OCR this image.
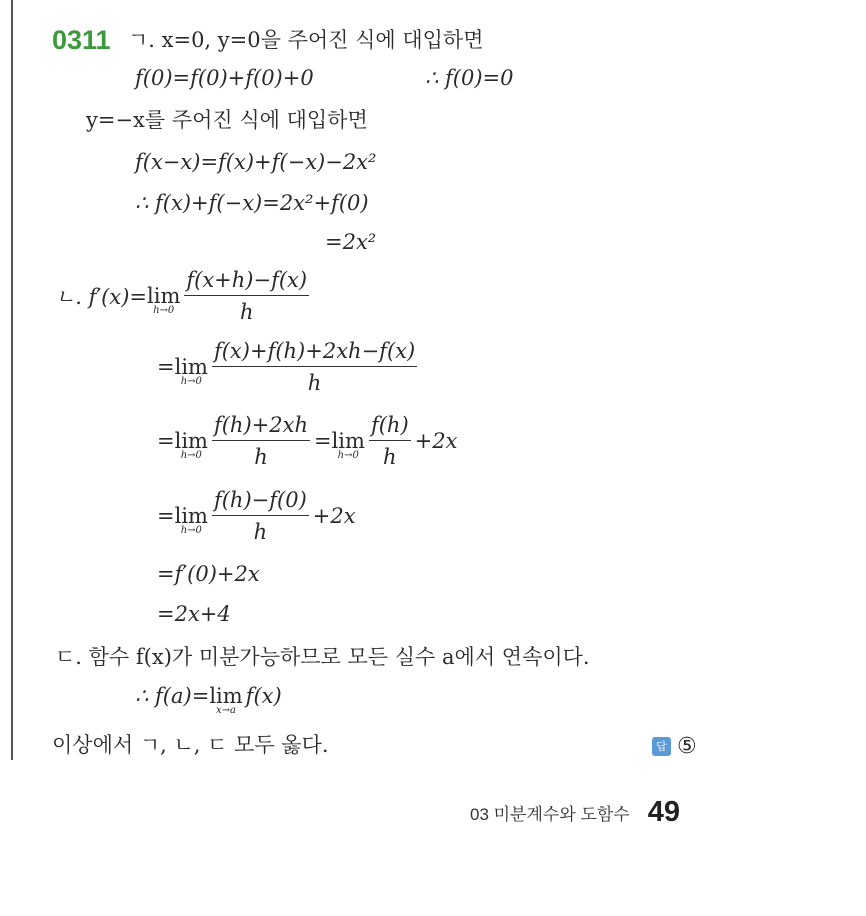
0311 ㄱ. x=0, y=0을 주어진 식에 대입하면
f(0)=f(0)+f(0)+0	∴ f(0)=0
y=−x를 주어진 식에 대입하면
f(x−x)=f(x)+f(−x)−2x²
∴ f(x)+f(−x)=2x²+f(0)
=2x²
ㄴ. f′(x)= lim
$h\to 0 \frac{f(x+h)-f(x)}{h}$
= lim
$h\to 0 \frac{f(x)+f(h)+2xh-f(x)}{h}$
= lim
$h\to 0 \frac{f(h)+2xh}{h} = \lim$
$h\to 0 \frac{f(h)}{h} +2x$
= lim
$h\to 0 \frac{f(h)-f(0)}{h} +2x$
=f′(0)+2x
=2x+4
ㄷ. 함수 f(x)가 미분가능하므로 모든 실수 a에서 연속이다.
∴ f(a)= lim
x→a
f(x)
이상에서 ㄱ, ㄴ, ㄷ 모두 옳다.	답 ⑤
03 미분계수와 도함수 49
